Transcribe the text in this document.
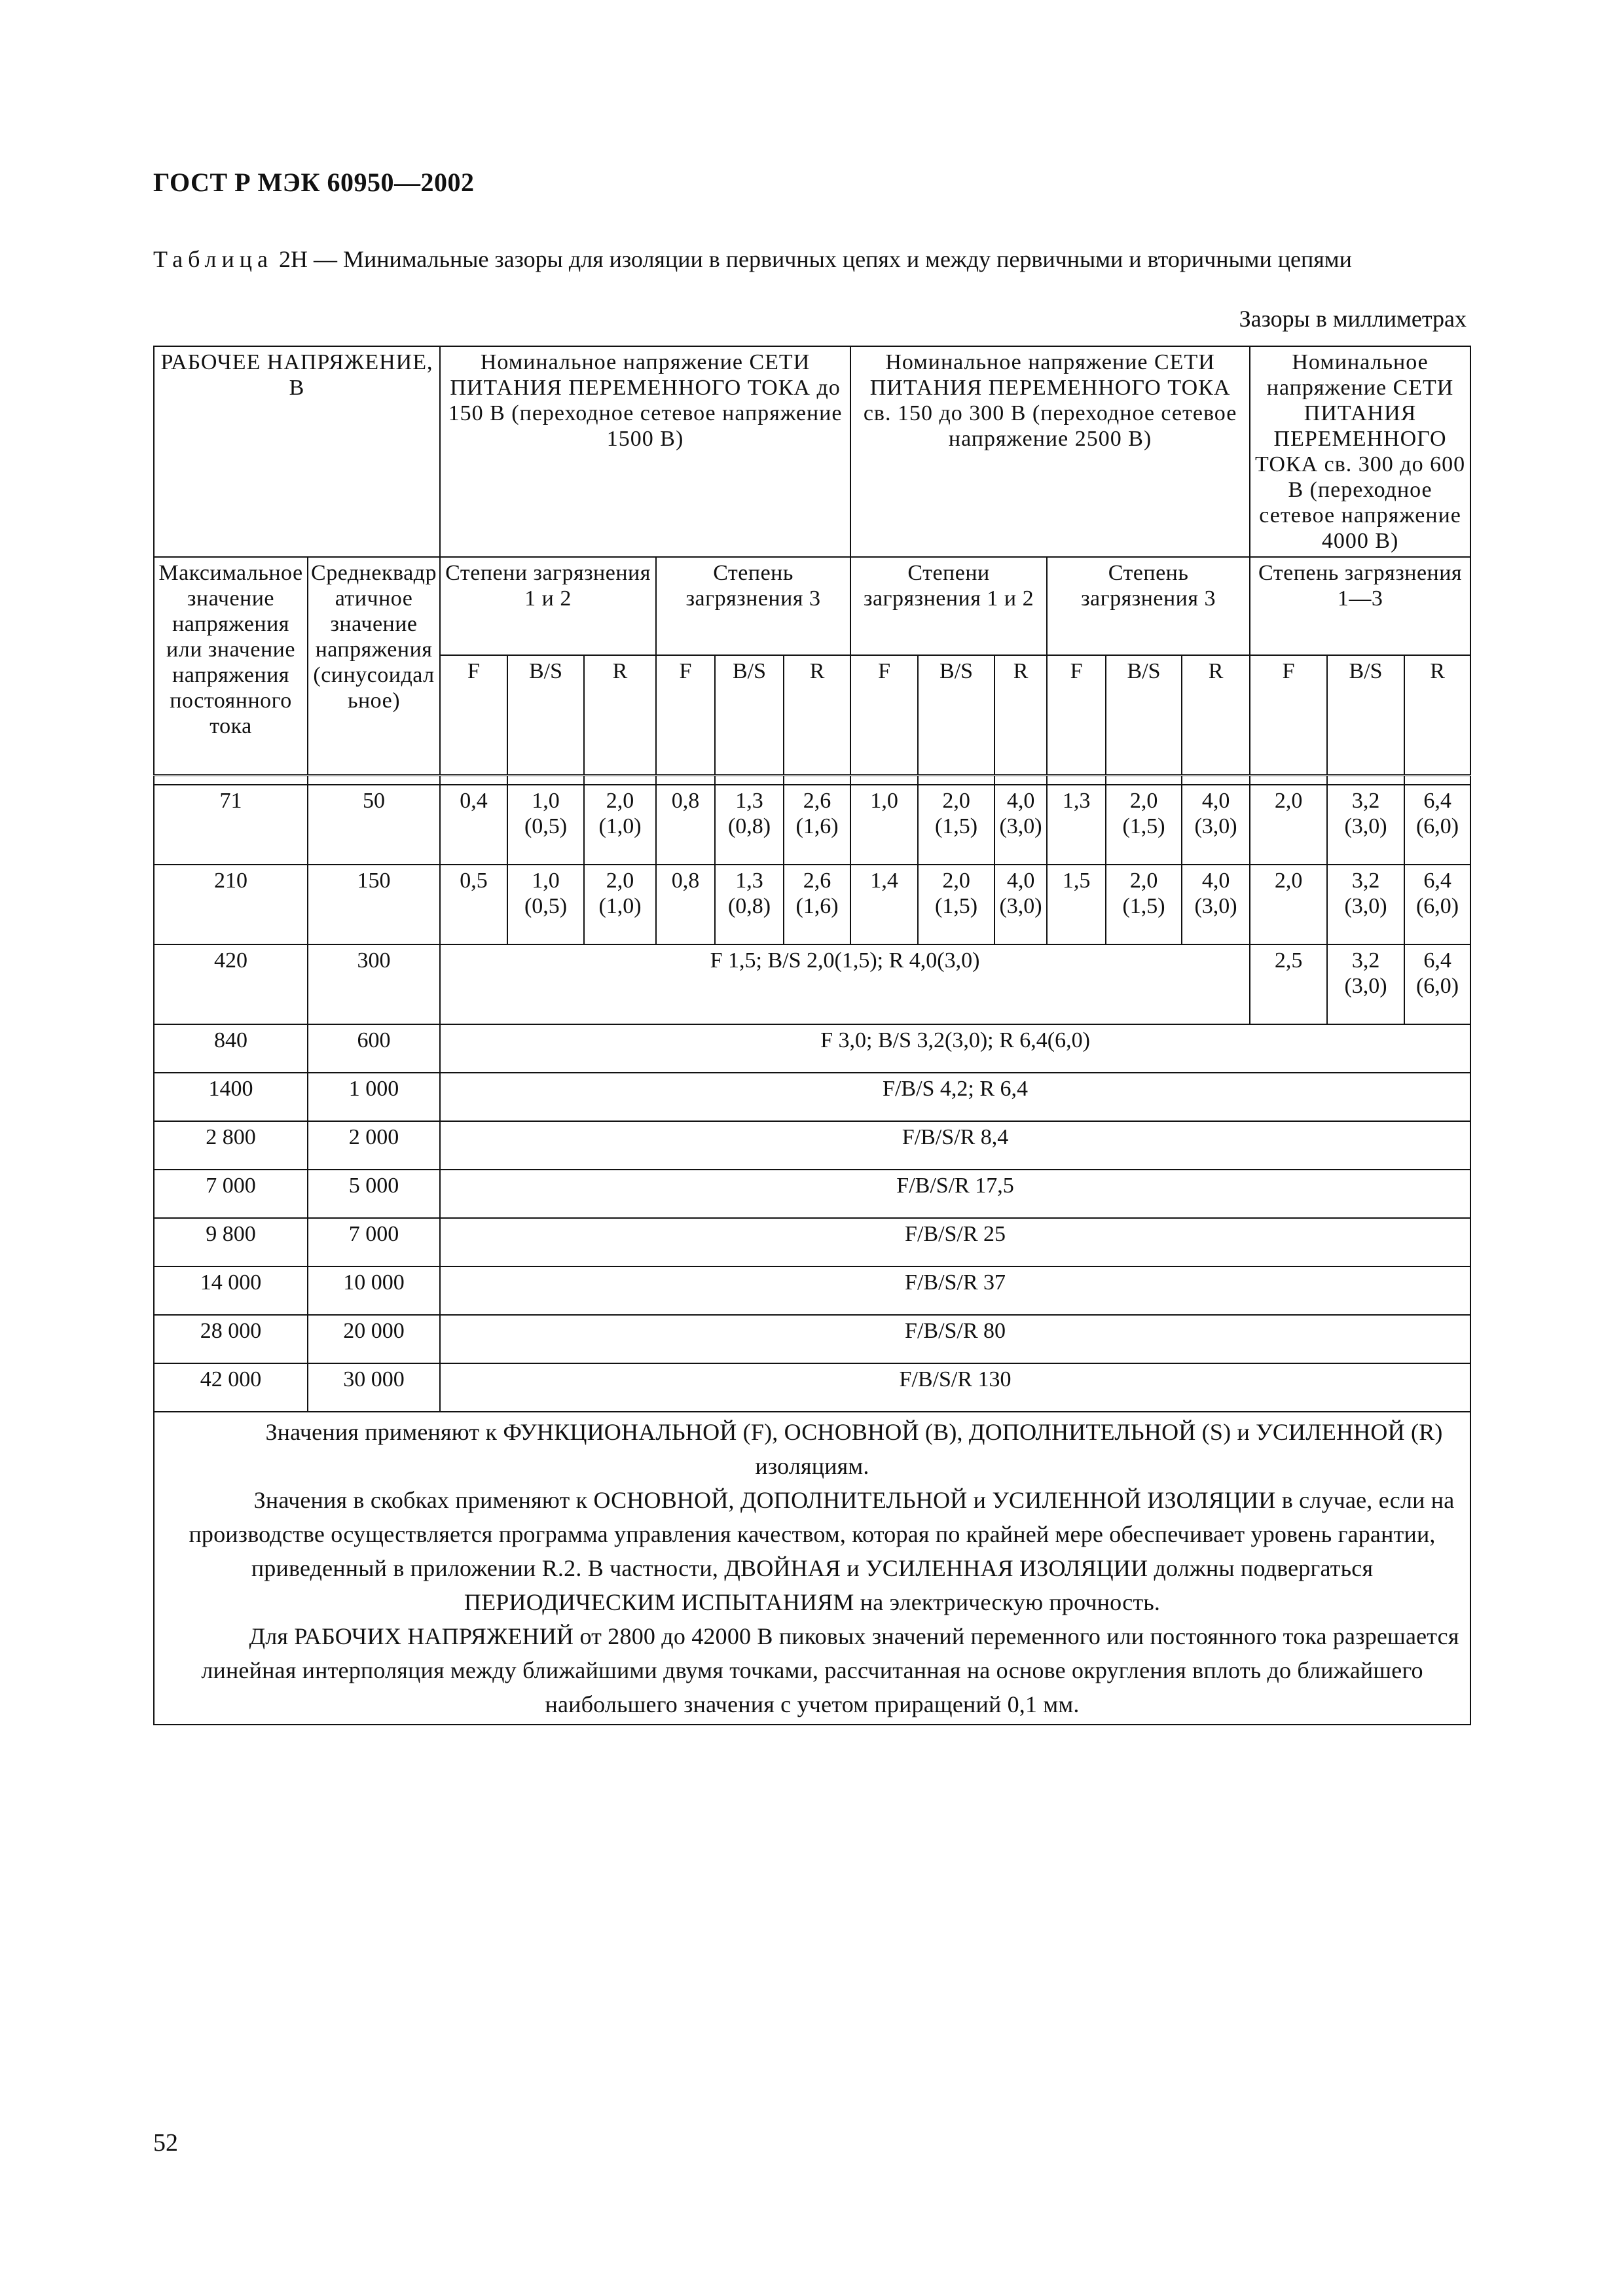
ГОСТ Р МЭК 60950—2002
Таблица 2Н — Минимальные зазоры для изоляции в первичных цепях и между первичными и вторичными цепями
Зазоры в миллиметрах
РАБОЧЕЕ НАПРЯЖЕНИЕ, В		Номинальное напряжение СЕТИ ПИТАНИЯ ПЕРЕМЕННОГО ТОКА до 150 В (переходное сетевое напряжение 1500 В)						Номинальное напряжение СЕТИ ПИТАНИЯ ПЕРЕМЕННОГО ТОКА св. 150 до 300 В (переходное сетевое напряжение 2500 В)						Номинальное напряжение СЕТИ ПИТАНИЯ ПЕРЕМЕННОГО ТОКА св. 300 до 600 В (переходное сетевое напряжение 4000 В)		
Максимальное значение напряжения или значение напряжения постоянного тока	Среднеквадратичное значение напряжения (синусоидальное)	Степени загрязнения 1 и 2			Степень загрязнения 3			Степени загрязнения 1 и 2			Степень загрязнения 3			Степень загрязнения 1—3		
		F	B/S	R	F	B/S	R	F	B/S	R	F	B/S	R	F	B/S	R

71	50	0,4	1,0 (0,5)	2,0 (1,0)	0,8	1,3 (0,8)	2,6 (1,6)	1,0	2,0 (1,5)	4,0 (3,0)	1,3	2,0 (1,5)	4,0 (3,0)	2,0	3,2 (3,0)	6,4 (6,0)
210	150	0,5	1,0 (0,5)	2,0 (1,0)	0,8	1,3 (0,8)	2,6 (1,6)	1,4	2,0 (1,5)	4,0 (3,0)	1,5	2,0 (1,5)	4,0 (3,0)	2,0	3,2 (3,0)	6,4 (6,0)
420	300	F 1,5; B/S 2,0(1,5); R 4,0(3,0)												2,5	3,2 (3,0)	6,4 (6,0)
840	600	F 3,0; B/S 3,2(3,0); R 6,4(6,0)														
1400	1 000	F/B/S 4,2; R 6,4														
2 800	2 000	F/B/S/R 8,4														
7 000	5 000	F/B/S/R 17,5														
9 800	7 000	F/B/S/R 25														
14 000	10 000	F/B/S/R 37														
28 000	20 000	F/B/S/R 80														
42 000	30 000	F/B/S/R 130														

Значения применяют к ФУНКЦИОНАЛЬНОЙ (F), ОСНОВНОЙ (B), ДОПОЛНИТЕЛЬНОЙ (S) и УСИЛЕННОЙ (R) изоляциям.

Значения в скобках применяют к ОСНОВНОЙ, ДОПОЛНИТЕЛЬНОЙ и УСИЛЕННОЙ ИЗОЛЯЦИИ в случае, если на производстве осуществляется программа управления качеством, которая по крайней мере обеспечивает уровень гарантии, приведенный в приложении R.2. В частности, ДВОЙНАЯ и УСИЛЕННАЯ ИЗОЛЯЦИИ должны подвергаться ПЕРИОДИЧЕСКИМ ИСПЫТАНИЯМ на электрическую прочность.

Для РАБОЧИХ НАПРЯЖЕНИЙ от 2800 до 42000 В пиковых значений переменного или постоянного тока разрешается линейная интерполяция между ближайшими двумя точками, рассчитанная на основе округления вплоть до ближайшего наибольшего значения с учетом приращений 0,1 мм.																

52
